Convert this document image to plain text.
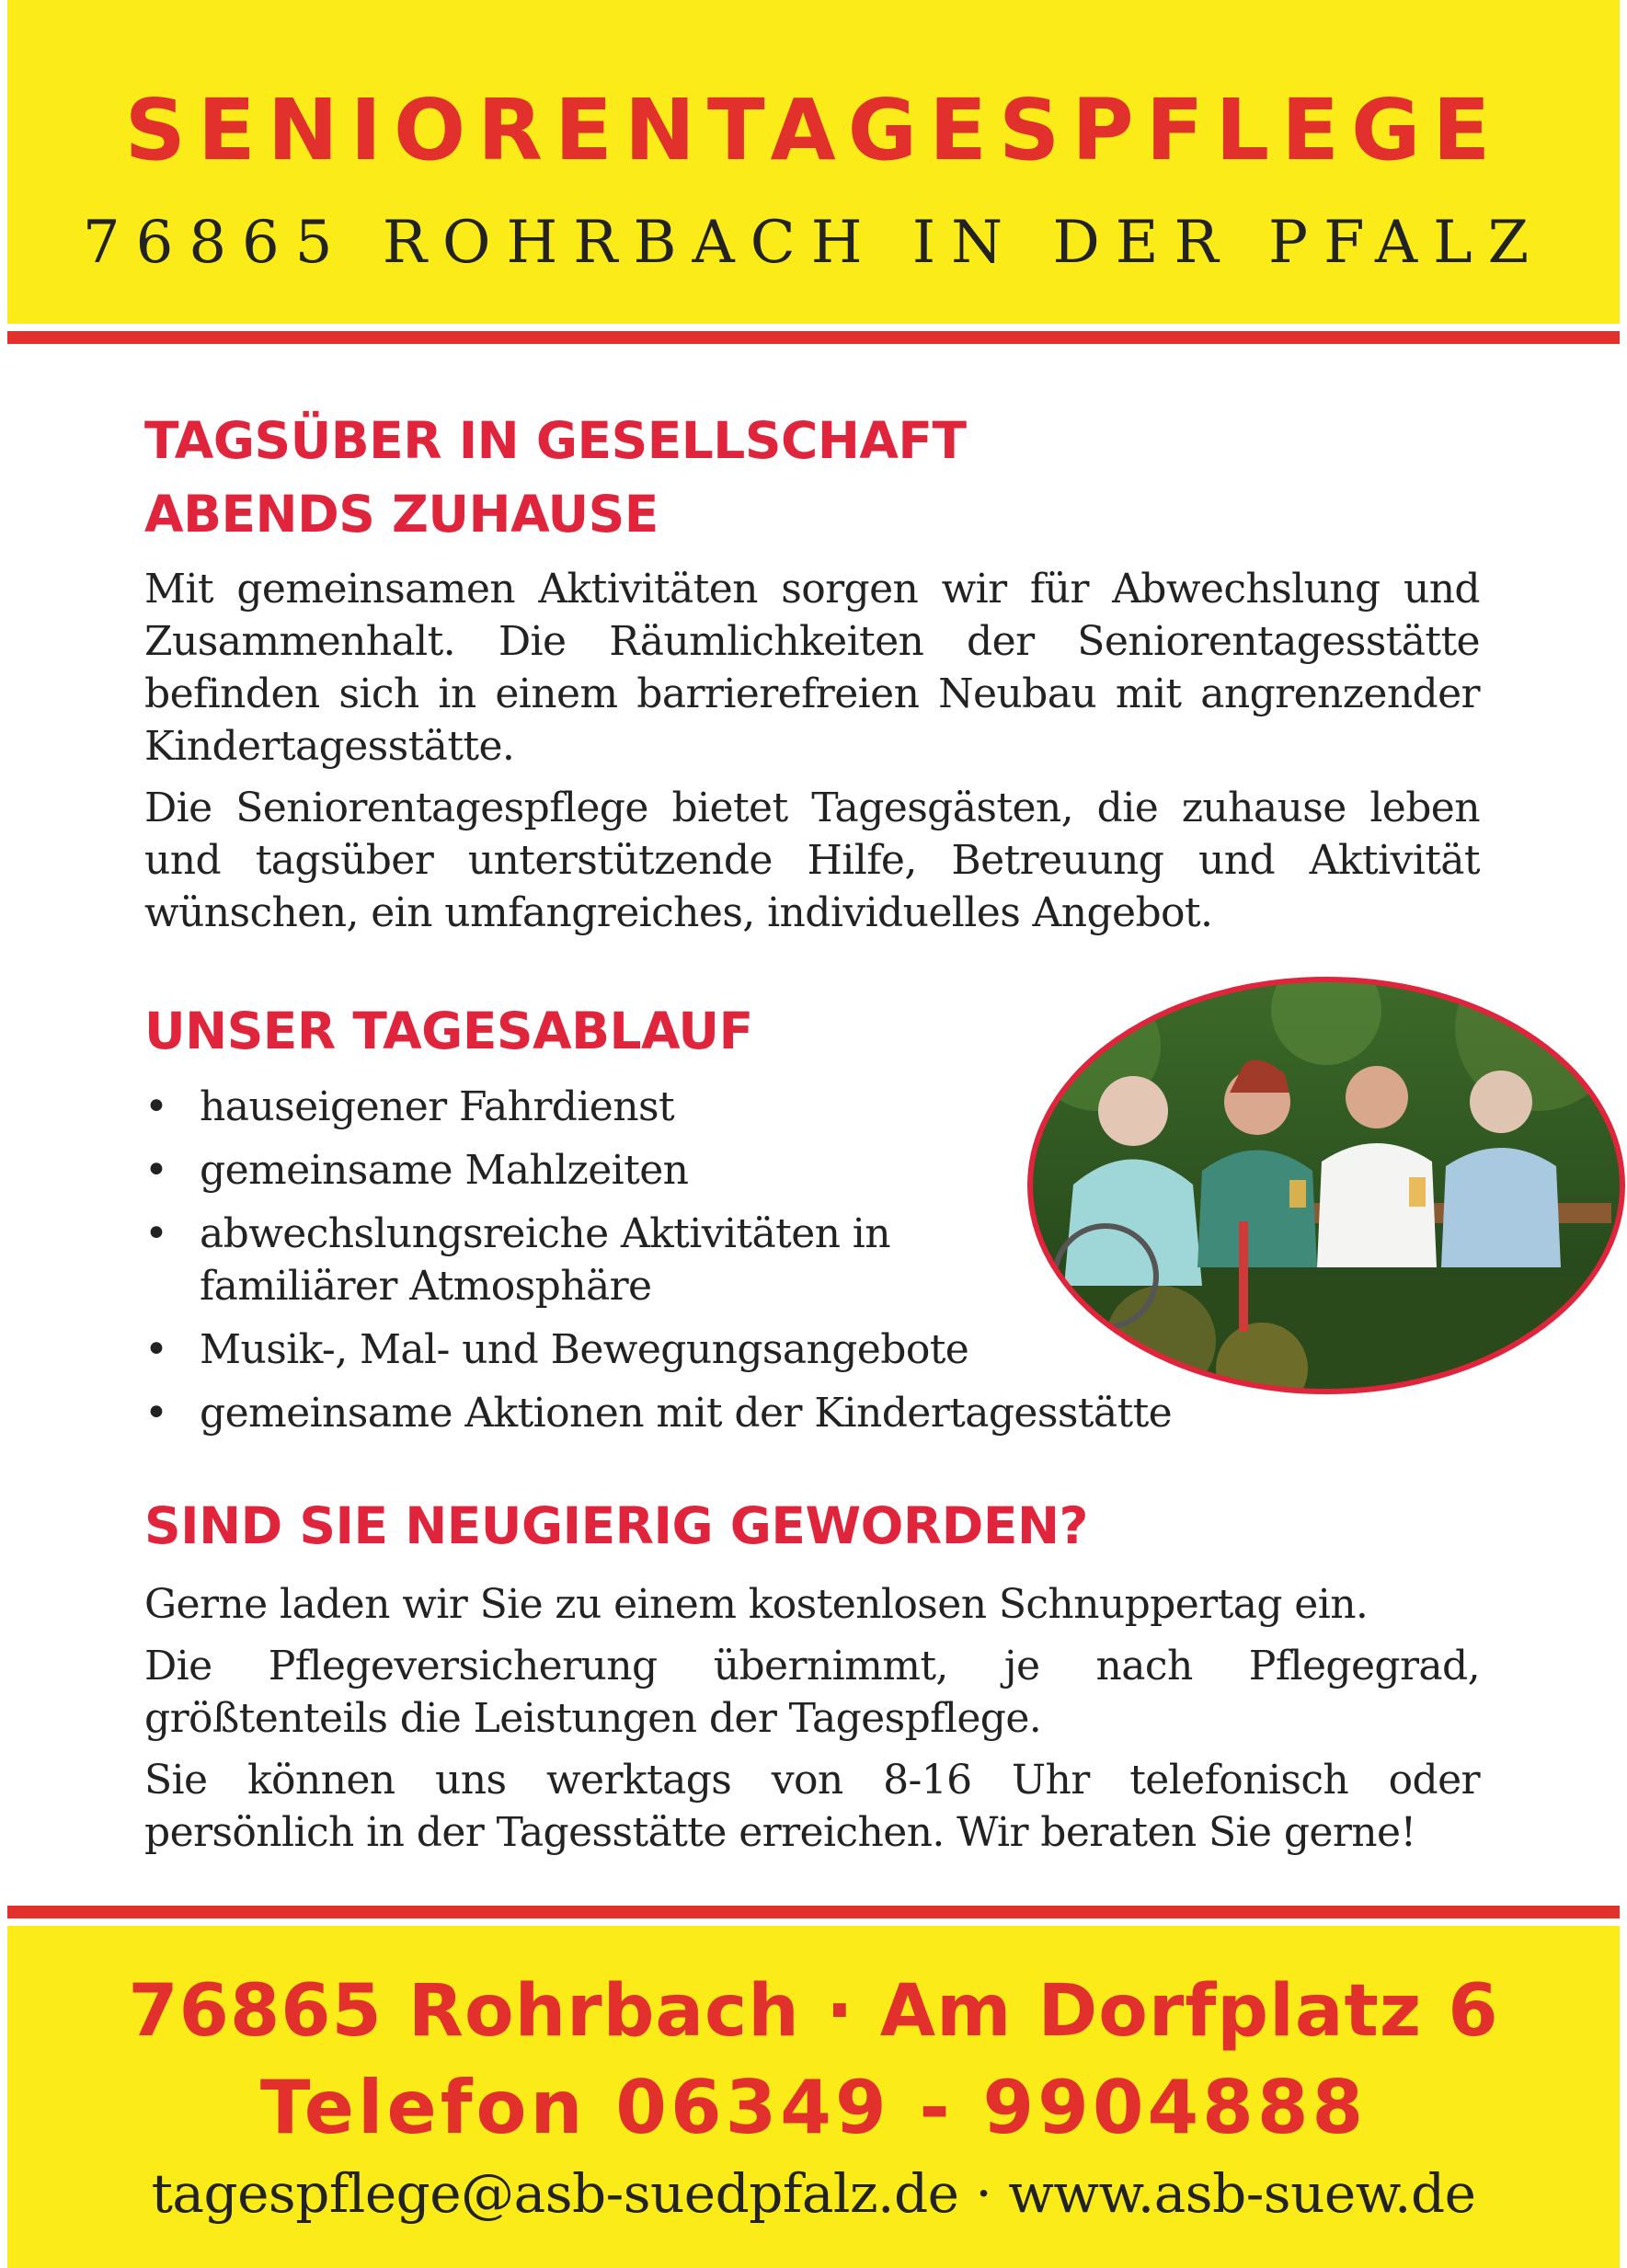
SENIORENTAGESPFLEGE
76865 ROHRBACH IN DER PFALZ
TAGSÜBER IN GESELLSCHAFT
ABENDS ZUHAUSE

Mit gemeinsamen Aktivitäten sorgen wir für Abwechslung und Zusammenhalt. Die Räumlichkeiten der Seniorentagesstätte befinden sich in einem barrierefreien Neubau mit angrenzender Kindertagesstätte.

Die Seniorentagespflege bietet Tagesgästen, die zuhause leben und tagsüber unterstützende Hilfe, Betreuung und Aktivität wünschen, ein umfangreiches, individuelles Angebot.

UNSER TAGESABLAUF
• hauseigener Fahrdienst
• gemeinsame Mahlzeiten
• abwechslungsreiche Aktivitäten in familiärer Atmosphäre
• Musik-, Mal- und Bewegungsangebote
• gemeinsame Aktionen mit der Kindertagesstätte
SIND SIE NEUGIERIG GEWORDEN?

Gerne laden wir Sie zu einem kostenlosen Schnuppertag ein.

Die Pflegeversicherung übernimmt, je nach Pflegegrad, größtenteils die Leistungen der Tagespflege.

Sie können uns werktags von 8-16 Uhr telefonisch oder persönlich in der Tagesstätte erreichen. Wir beraten Sie gerne!

76865 Rohrbach · Am Dorfplatz 6
Telefon 06349 - 9904888
tagespflege@asb-suedpfalz.de · www.asb-suew.de
